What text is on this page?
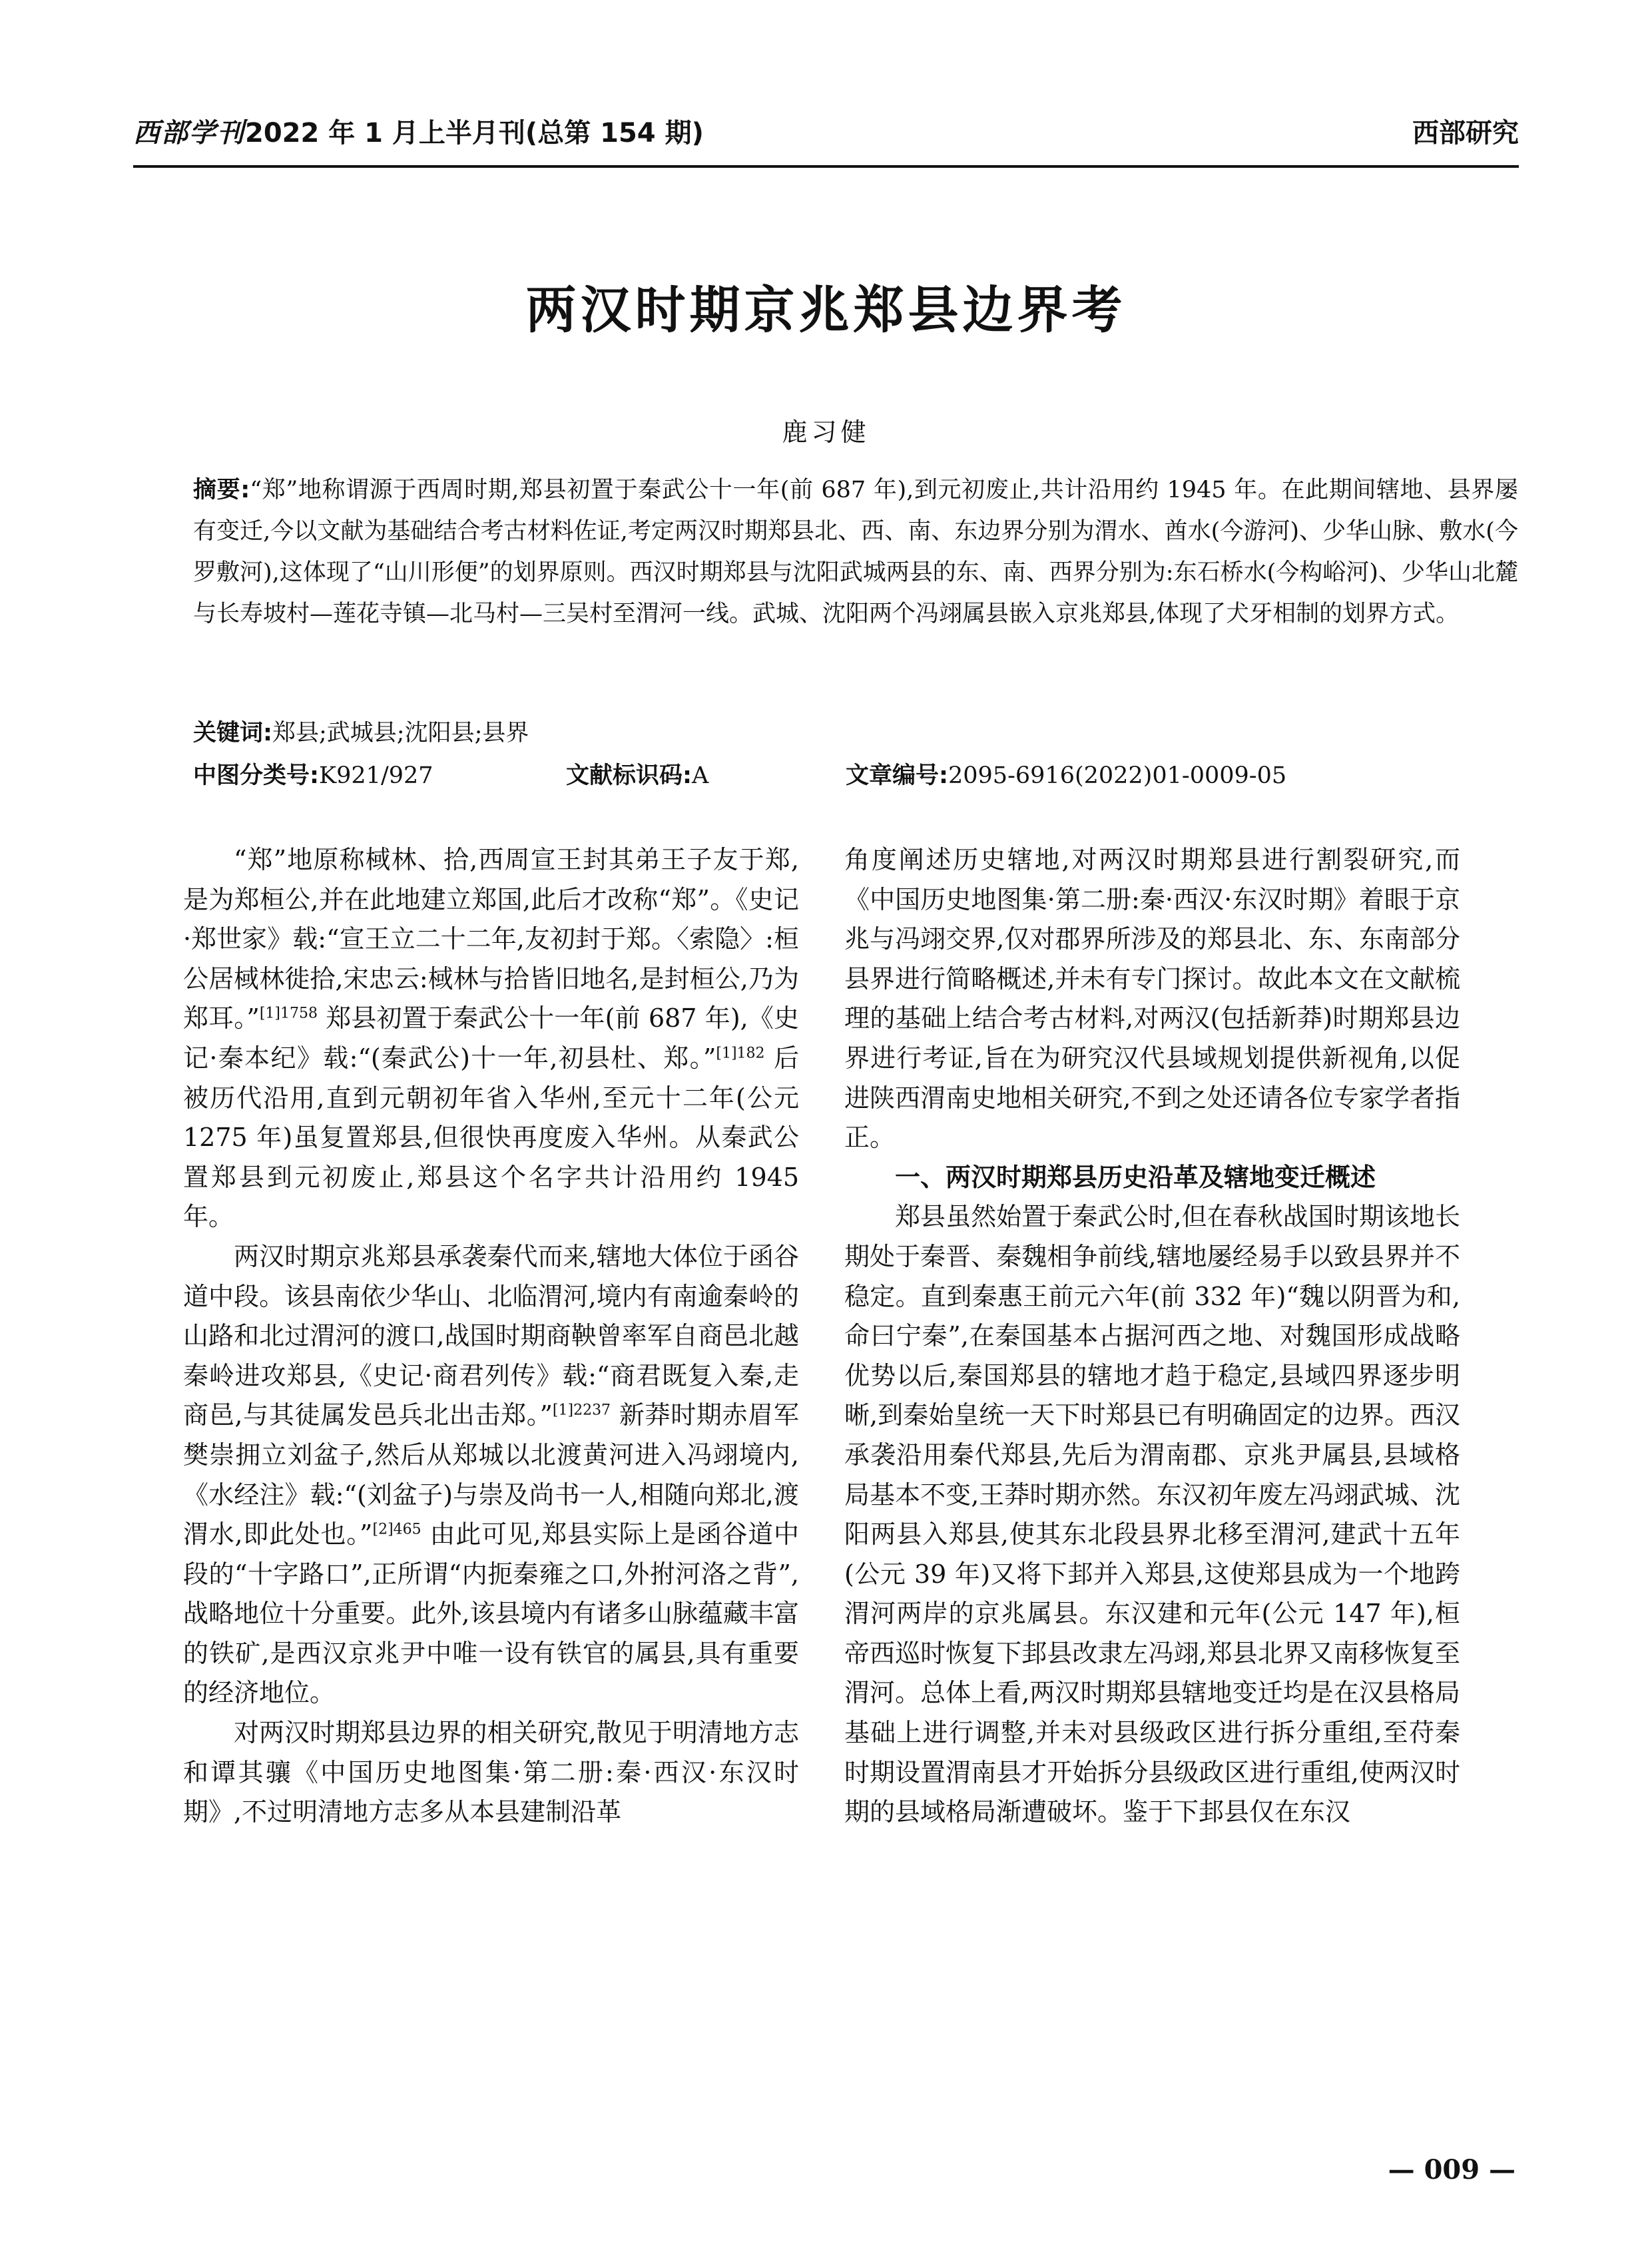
西部学刊2022 年 1 月上半月刊(总第 154 期)	西部研究
两汉时期京兆郑县边界考
鹿习健

摘要:“郑”地称谓源于西周时期,郑县初置于秦武公十一年(前 687 年),到元初废止,共计沿用约 1945 年。在此期间辖地、县界屡有变迁,今以文献为基础结合考古材料佐证,考定两汉时期郑县北、西、南、东边界分别为渭水、酋水(今游河)、少华山脉、敷水(今罗敷河),这体现了“山川形便”的划界原则。西汉时期郑县与沈阳武城两县的东、南、西界分别为:东石桥水(今构峪河)、少华山北麓与长寿坡村—莲花寺镇—北马村—三吴村至渭河一线。武城、沈阳两个冯翊属县嵌入京兆郑县,体现了犬牙相制的划界方式。

关键词:郑县;武城县;沈阳县;县界
中图分类号:K921/927	文献标识码:A	文章编号:2095-6916(2022)01-0009-05

“郑”地原称棫林、拾,西周宣王封其弟王子友于郑,是为郑桓公,并在此地建立郑国,此后才改称“郑”。《史记·郑世家》载:“宣王立二十二年,友初封于郑。〈索隐〉:桓公居棫林徙拾,宋忠云:棫林与拾皆旧地名,是封桓公,乃为郑耳。”$^{[1]1758}$ 郑县初置于秦武公十一年(前 687 年),《史记·秦本纪》载:“(秦武公)十一年,初县杜、郑。”$^{[1]182}$ 后被历代沿用,直到元朝初年省入华州,至元十二年(公元 1275 年)虽复置郑县,但很快再度废入华州。从秦武公置郑县到元初废止,郑县这个名字共计沿用约 1945 年。

两汉时期京兆郑县承袭秦代而来,辖地大体位于函谷道中段。该县南依少华山、北临渭河,境内有南逾秦岭的山路和北过渭河的渡口,战国时期商鞅曾率军自商邑北越秦岭进攻郑县,《史记·商君列传》载:“商君既复入秦,走商邑,与其徒属发邑兵北出击郑。”$^{[1]2237}$ 新莽时期赤眉军樊崇拥立刘盆子,然后从郑城以北渡黄河进入冯翊境内,《水经注》载:“(刘盆子)与崇及尚书一人,相随向郑北,渡渭水,即此处也。”$^{[2]465}$ 由此可见,郑县实际上是函谷道中段的“十字路口”,正所谓“内扼秦雍之口,外拊河洛之背”,战略地位十分重要。此外,该县境内有诸多山脉蕴藏丰富的铁矿,是西汉京兆尹中唯一设有铁官的属县,具有重要的经济地位。

对两汉时期郑县边界的相关研究,散见于明清地方志和谭其骧《中国历史地图集·第二册:秦·西汉·东汉时期》,不过明清地方志多从本县建制沿革

角度阐述历史辖地,对两汉时期郑县进行割裂研究,而《中国历史地图集·第二册:秦·西汉·东汉时期》着眼于京兆与冯翊交界,仅对郡界所涉及的郑县北、东、东南部分县界进行简略概述,并未有专门探讨。故此本文在文献梳理的基础上结合考古材料,对两汉(包括新莽)时期郑县边界进行考证,旨在为研究汉代县域规划提供新视角,以促进陕西渭南史地相关研究,不到之处还请各位专家学者指正。

一、两汉时期郑县历史沿革及辖地变迁概述

郑县虽然始置于秦武公时,但在春秋战国时期该地长期处于秦晋、秦魏相争前线,辖地屡经易手以致县界并不稳定。直到秦惠王前元六年(前 332 年)“魏以阴晋为和,命曰宁秦”,在秦国基本占据河西之地、对魏国形成战略优势以后,秦国郑县的辖地才趋于稳定,县域四界逐步明晰,到秦始皇统一天下时郑县已有明确固定的边界。西汉承袭沿用秦代郑县,先后为渭南郡、京兆尹属县,县域格局基本不变,王莽时期亦然。东汉初年废左冯翊武城、沈阳两县入郑县,使其东北段县界北移至渭河,建武十五年(公元 39 年)又将下邽并入郑县,这使郑县成为一个地跨渭河两岸的京兆属县。东汉建和元年(公元 147 年),桓帝西巡时恢复下邽县改隶左冯翊,郑县北界又南移恢复至渭河。总体上看,两汉时期郑县辖地变迁均是在汉县格局基础上进行调整,并未对县级政区进行拆分重组,至苻秦时期设置渭南县才开始拆分县级政区进行重组,使两汉时期的县域格局渐遭破坏。鉴于下邽县仅在东汉

— 009 —
